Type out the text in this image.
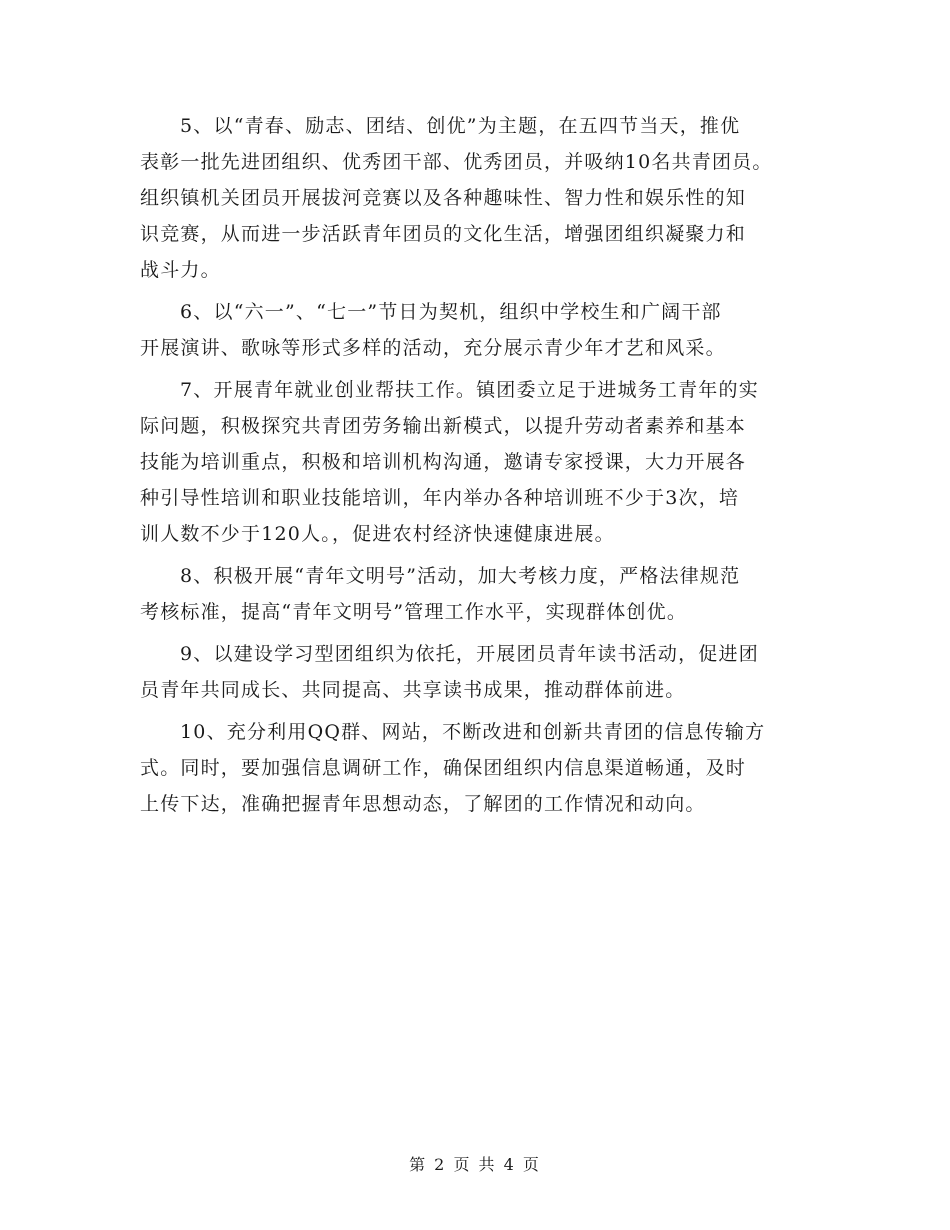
5、以“青春、励志、团结、创优”为主题，在五四节当天，推优
表彰一批先进团组织、优秀团干部、优秀团员，并吸纳10名共青团员。
组织镇机关团员开展拔河竞赛以及各种趣味性、智力性和娱乐性的知
识竞赛，从而进一步活跃青年团员的文化生活，增强团组织凝聚力和
战斗力。
6、以“六一”、“七一”节日为契机，组织中学校生和广阔干部
开展演讲、歌咏等形式多样的活动，充分展示青少年才艺和风采。
7、开展青年就业创业帮扶工作。镇团委立足于进城务工青年的实
际问题，积极探究共青团劳务输出新模式，以提升劳动者素养和基本
技能为培训重点，积极和培训机构沟通，邀请专家授课，大力开展各
种引导性培训和职业技能培训，年内举办各种培训班不少于3次，培
训人数不少于120人。，促进农村经济快速健康进展。
8、积极开展“青年文明号”活动，加大考核力度，严格法律规范
考核标准，提高“青年文明号”管理工作水平，实现群体创优。
9、以建设学习型团组织为依托，开展团员青年读书活动，促进团
员青年共同成长、共同提高、共享读书成果，推动群体前进。
10、充分利用QQ群、网站，不断改进和创新共青团的信息传输方
式。同时，要加强信息调研工作，确保团组织内信息渠道畅通，及时
上传下达，准确把握青年思想动态，了解团的工作情况和动向。
第 2 页 共 4 页
